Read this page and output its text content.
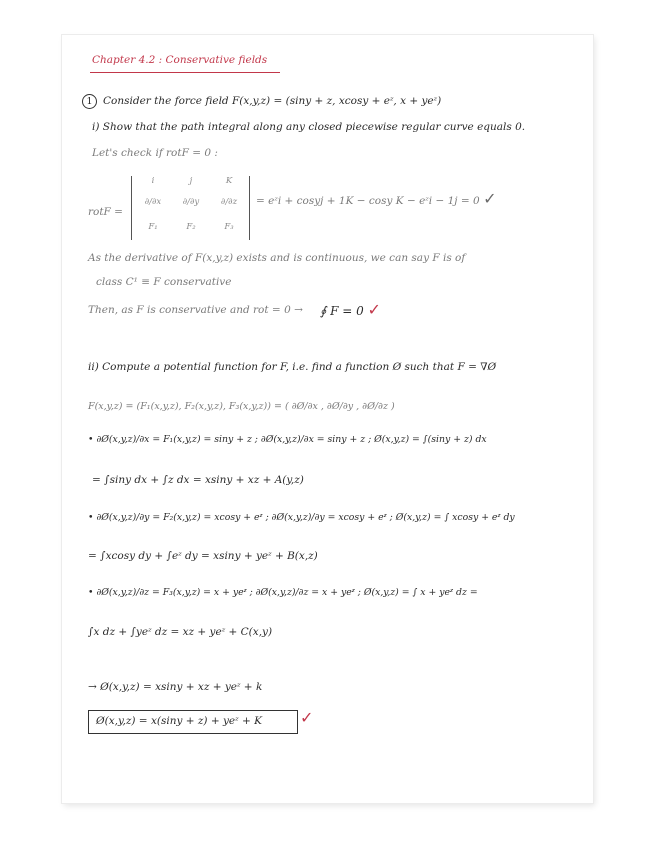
Chapter 4.2 : Conservative fields
1 Consider the force field F(x,y,z) = (siny + z, xcosy + eᶻ, x + yeᶻ)
i) Show that the path integral along any closed piecewise regular curve equals 0.
Let's check if rotF = 0 :
rotF =
i	j	K
∂/∂x	∂/∂y	∂/∂z
F₁	F₂	F₃
= eᶻi + cosyj + 1K − cosy K − eᶻi − 1j = 0 ✓
As the derivative of F(x,y,z) exists and is continuous, we can say F is of
class C¹ ≡ F conservative
Then, as F is conservative and rot = 0 → ∮ F = 0 ✓
ii) Compute a potential function for F, i.e. find a function Ø such that F = ∇Ø
F(x,y,z) = (F₁(x,y,z), F₂(x,y,z), F₃(x,y,z)) = ( ∂Ø/∂x , ∂Ø/∂y , ∂Ø/∂z )
• ∂Ø(x,y,z)/∂x = F₁(x,y,z) = siny + z ; ∂Ø(x,y,z)/∂x = siny + z ; Ø(x,y,z) = ∫(siny + z) dx
= ∫siny dx + ∫z dx = xsiny + xz + A(y,z)
• ∂Ø(x,y,z)/∂y = F₂(x,y,z) = xcosy + eᶻ ; ∂Ø(x,y,z)/∂y = xcosy + eᶻ ; Ø(x,y,z) = ∫ xcosy + eᶻ dy
= ∫xcosy dy + ∫eᶻ dy = xsiny + yeᶻ + B(x,z)
• ∂Ø(x,y,z)/∂z = F₃(x,y,z) = x + yeᶻ ; ∂Ø(x,y,z)/∂z = x + yeᶻ ; Ø(x,y,z) = ∫ x + yeᶻ dz =
∫x dz + ∫yeᶻ dz = xz + yeᶻ + C(x,y)
→ Ø(x,y,z) = xsiny + xz + yeᶻ + k
Ø(x,y,z) = x(siny + z) + yeᶻ + K ✓
